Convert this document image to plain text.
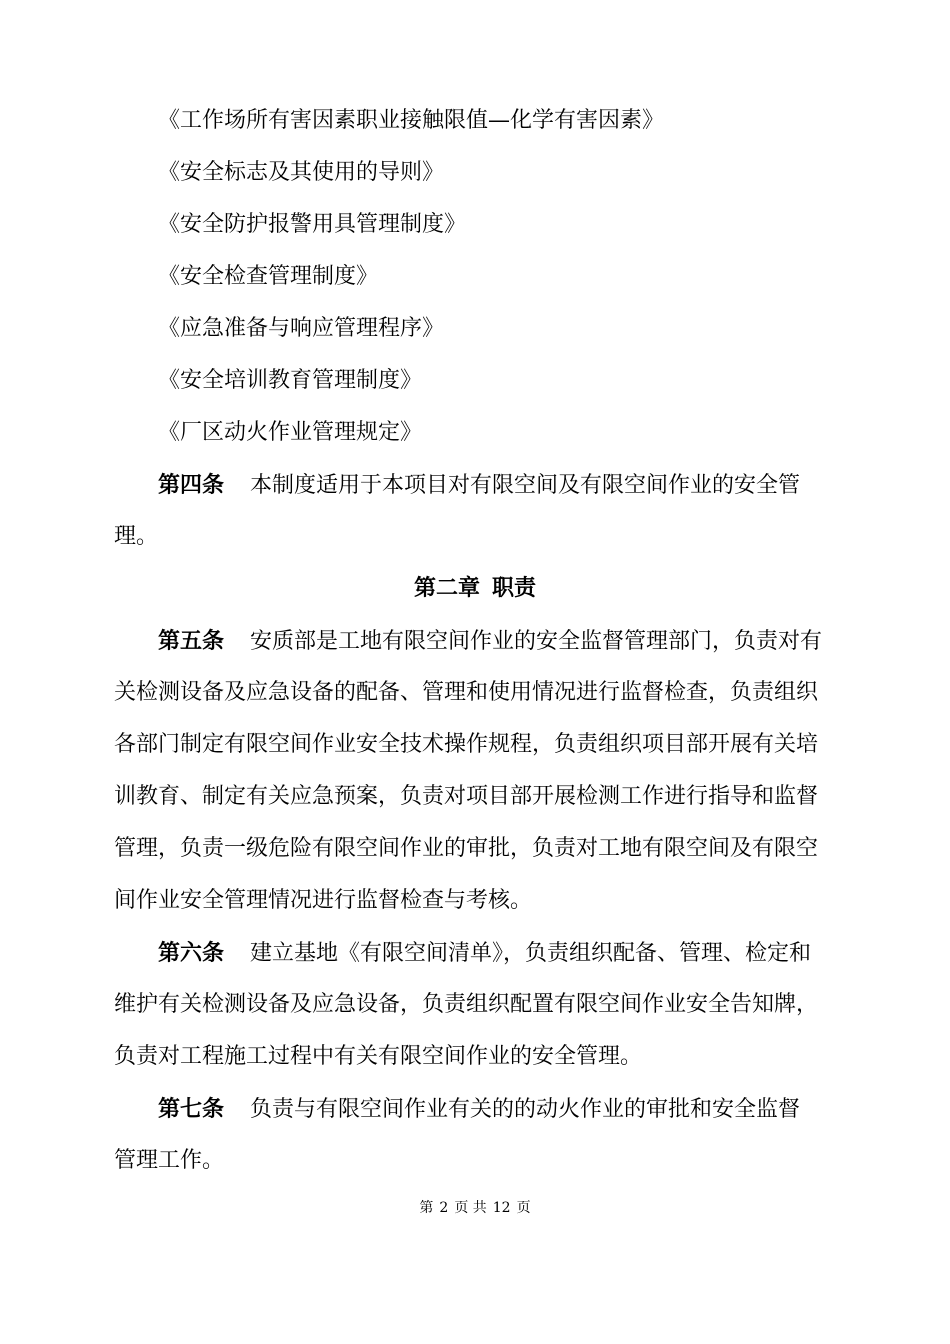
《工作场所有害因素职业接触限值—化学有害因素》
《安全标志及其使用的导则》
《安全防护报警用具管理制度》
《安全检查管理制度》
《应急准备与响应管理程序》
《安全培训教育管理制度》
《厂区动火作业管理规定》
第四条 本制度适用于本项目对有限空间及有限空间作业的安全管
理。
第二章 职责
第五条 安质部是工地有限空间作业的安全监督管理部门，负责对有
关检测设备及应急设备的配备、管理和使用情况进行监督检查，负责组织
各部门制定有限空间作业安全技术操作规程，负责组织项目部开展有关培
训教育、制定有关应急预案，负责对项目部开展检测工作进行指导和监督
管理，负责一级危险有限空间作业的审批，负责对工地有限空间及有限空
间作业安全管理情况进行监督检查与考核。
第六条 建立基地《有限空间清单》，负责组织配备、管理、检定和
维护有关检测设备及应急设备，负责组织配置有限空间作业安全告知牌，
负责对工程施工过程中有关有限空间作业的安全管理。
第七条 负责与有限空间作业有关的的动火作业的审批和安全监督
管理工作。
第 2 页 共 12 页
